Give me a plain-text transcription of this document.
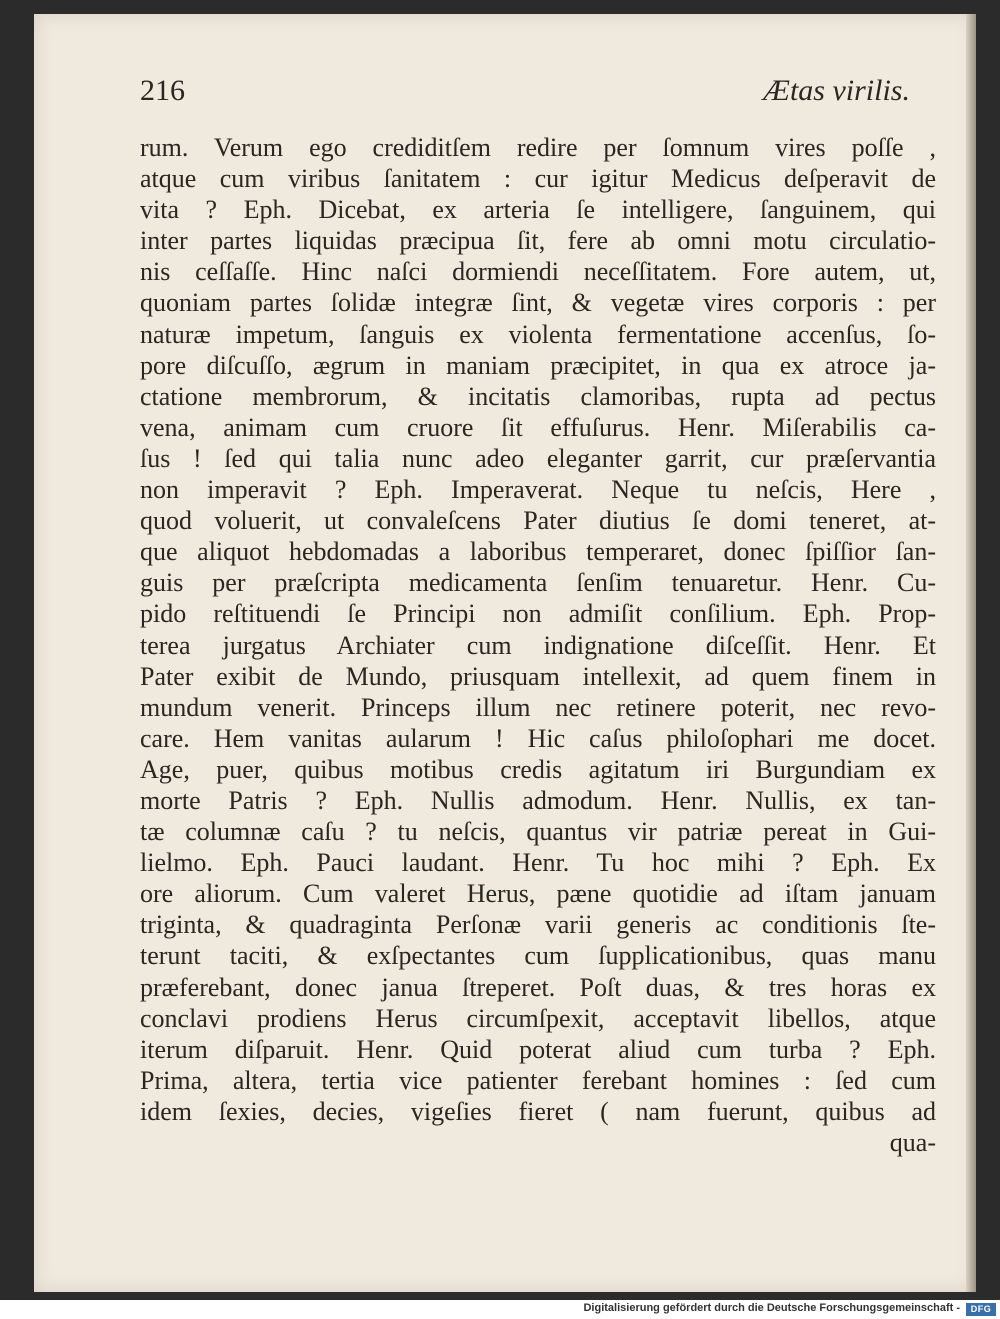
216	Ætas virilis.
rum. Verum ego crediditſem redire per ſomnum vires poſſe ,
atque cum viribus ſanitatem : cur igitur Medicus deſperavit de
vita ? Eph. Dicebat, ex arteria ſe intelligere, ſanguinem, qui
inter partes liquidas præcipua ſit, fere ab omni motu circulatio-
nis ceſſaſſe. Hinc naſci dormiendi neceſſitatem. Fore autem, ut,
quoniam partes ſolidæ integræ ſint, & vegetæ vires corporis : per
naturæ impetum, ſanguis ex violenta fermentatione accenſus, ſo-
pore diſcuſſo, ægrum in maniam præcipitet, in qua ex atroce ja-
ctatione membrorum, & incitatis clamoribas, rupta ad pectus
vena, animam cum cruore ſit effuſurus. Henr. Miſerabilis ca-
ſus ! ſed qui talia nunc adeo eleganter garrit, cur præſervantia
non imperavit ? Eph. Imperaverat. Neque tu neſcis, Here ,
quod voluerit, ut convaleſcens Pater diutius ſe domi teneret, at-
que aliquot hebdomadas a laboribus temperaret, donec ſpiſſior ſan-
guis per præſcripta medicamenta ſenſim tenuaretur. Henr. Cu-
pido reſtituendi ſe Principi non admiſit conſilium. Eph. Prop-
terea jurgatus Archiater cum indignatione diſceſſit. Henr. Et
Pater exibit de Mundo, priusquam intellexit, ad quem finem in
mundum venerit. Princeps illum nec retinere poterit, nec revo-
care. Hem vanitas aularum ! Hic caſus philoſophari me docet.
Age, puer, quibus motibus credis agitatum iri Burgundiam ex
morte Patris ? Eph. Nullis admodum. Henr. Nullis, ex tan-
tæ columnæ caſu ? tu neſcis, quantus vir patriæ pereat in Gui-
lielmo. Eph. Pauci laudant. Henr. Tu hoc mihi ? Eph. Ex
ore aliorum. Cum valeret Herus, pæne quotidie ad iſtam januam
triginta, & quadraginta Perſonæ varii generis ac conditionis ſte-
terunt taciti, & exſpectantes cum ſupplicationibus, quas manu
præferebant, donec janua ſtreperet. Poſt duas, & tres horas ex
conclavi prodiens Herus circumſpexit, acceptavit libellos, atque
iterum diſparuit. Henr. Quid poterat aliud cum turba ? Eph.
Prima, altera, tertia vice patienter ferebant homines : ſed cum
idem ſexies, decies, vigeſies fieret ( nam fuerunt, quibus ad
qua-
Digitalisierung gefördert durch die Deutsche Forschungsgemeinschaft -	DFG
